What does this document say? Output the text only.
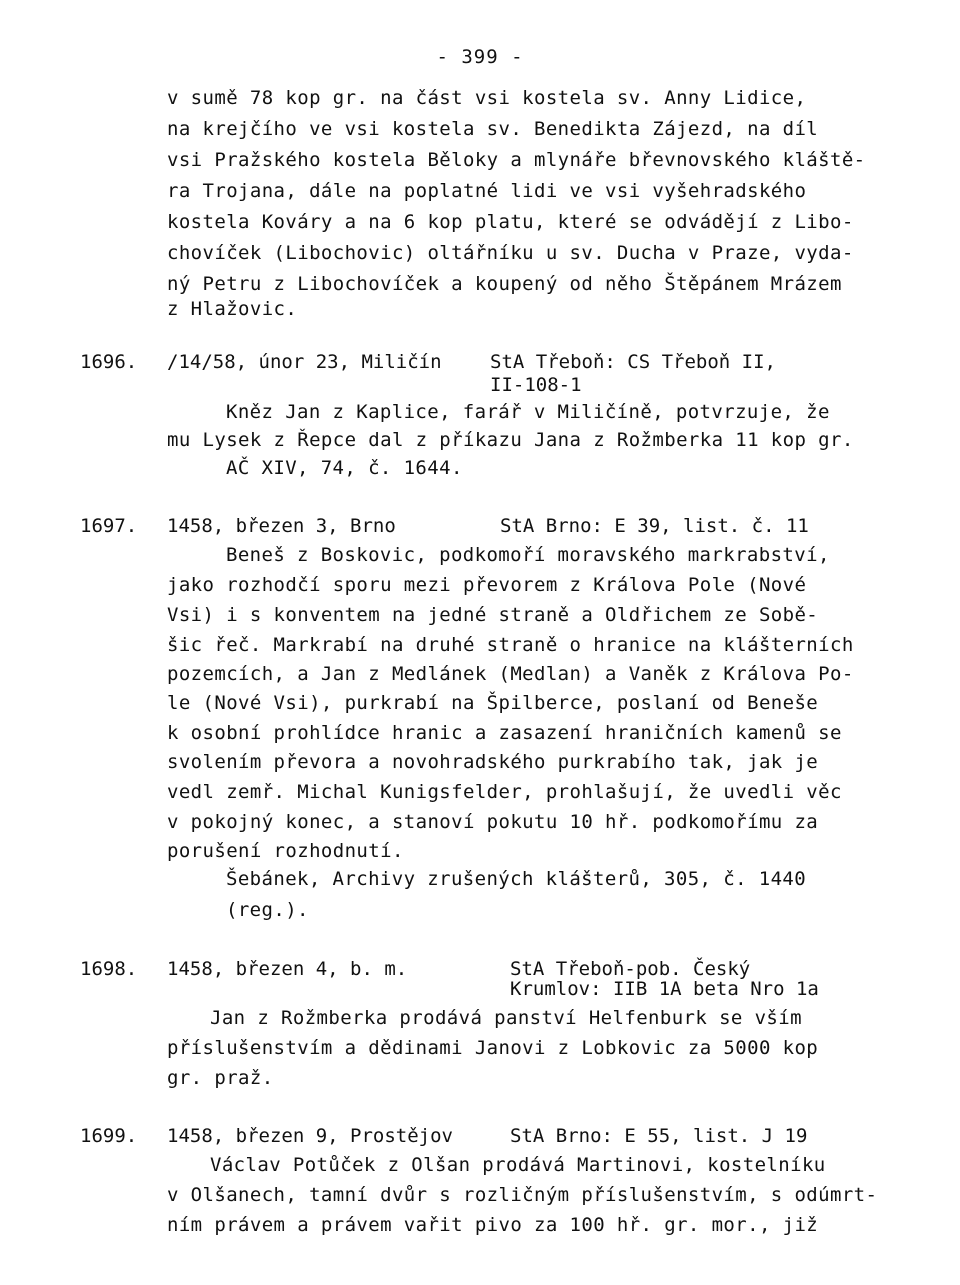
- 399 -
v sumě 78 kop gr. na část vsi kostela sv. Anny Lidice,
na krejčího ve vsi kostela sv. Benedikta Zájezd, na díl
vsi Pražského kostela Běloky a mlynáře břevnovského kláště-
ra Trojana, dále na poplatné lidi ve vsi vyšehradského
kostela Kováry a na 6 kop platu, které se odvádějí z Libo-
chovíček (Libochovic) oltářníku u sv. Ducha v Praze, vyda-
ný Petru z Libochovíček a koupený od něho Štěpánem Mrázem
z Hlažovic.
1696. /14/58, únor 23, Miličín	StA Třeboň: CS Třeboň II,
II-108-1
Kněz Jan z Kaplice, farář v Miličíně, potvrzuje, že
mu Lysek z Řepce dal z příkazu Jana z Rožmberka 11 kop gr.
AČ XIV, 74, č. 1644.
1697. 1458, březen 3, Brno	StA Brno: E 39, list. č. 11
Beneš z Boskovic, podkomoří moravského markrabství,
jako rozhodčí sporu mezi převorem z Králova Pole (Nové
Vsi) i s konventem na jedné straně a Oldřichem ze Sobě-
šic řeč. Markrabí na druhé straně o hranice na klášterních
pozemcích, a Jan z Medlánek (Medlan) a Vaněk z Králova Po-
le (Nové Vsi), purkrabí na Špilberce, poslaní od Beneše
k osobní prohlídce hranic a zasazení hraničních kamenů se
svolením převora a novohradského purkrabího tak, jak je
vedl zemř. Michal Kunigsfelder, prohlašují, že uvedli věc
v pokojný konec, a stanoví pokutu 10 hř. podkomořímu za
porušení rozhodnutí.
Šebánek, Archivy zrušených klášterů, 305, č. 1440
(reg.).
1698. 1458, březen 4, b. m.	StA Třeboň-pob. Český
Krumlov: IIB 1A beta Nro 1a
Jan z Rožmberka prodává panství Helfenburk se vším
příslušenstvím a dědinami Janovi z Lobkovic za 5000 kop
gr. praž.
1699. 1458, březen 9, Prostějov	StA Brno: E 55, list. J 19
Václav Potůček z Olšan prodává Martinovi, kostelníku
v Olšanech, tamní dvůr s rozličným příslušenstvím, s odúmrt-
ním právem a právem vařit pivo za 100 hř. gr. mor., již
